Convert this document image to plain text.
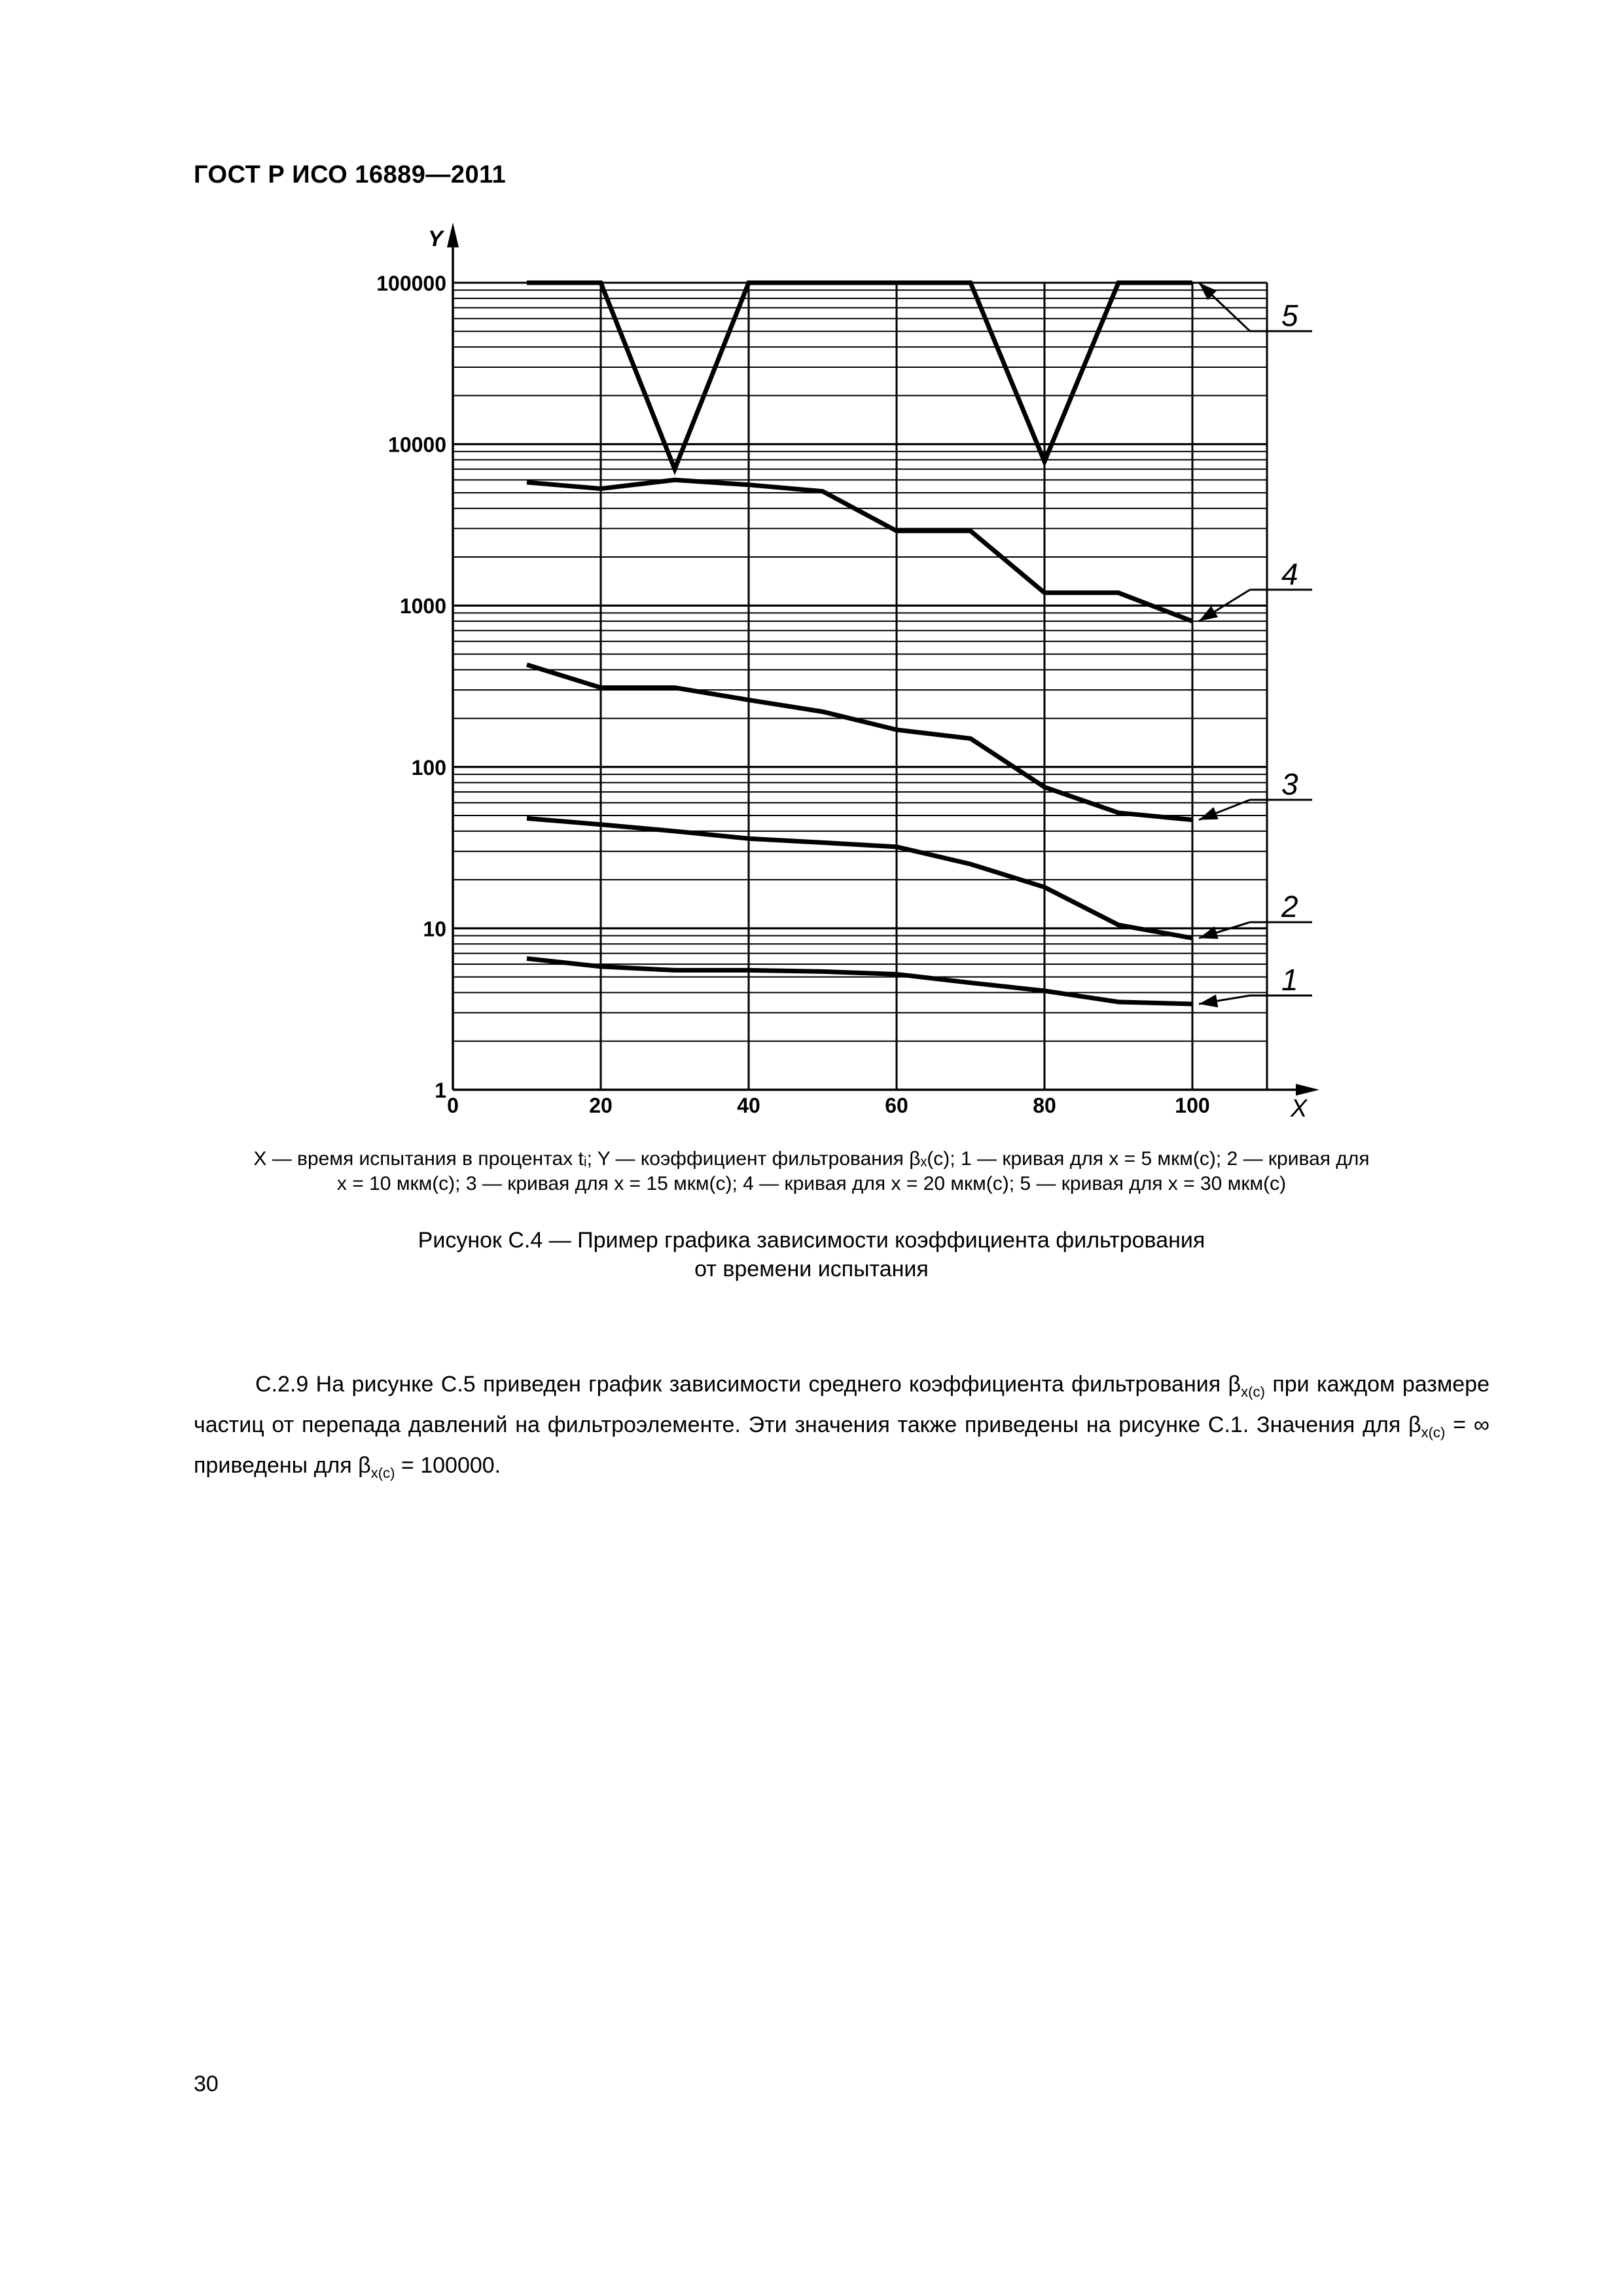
ГОСТ Р ИСО 16889—2011
Y
X
1
10
100
1000
10000
100000
0	20	40	60	80	100
1
2
3
4
5
X — время испытания в процентах tᵢ; Y — коэффициент фильтрования βₓ(c); 1 — кривая для x = 5 мкм(с); 2 — кривая для
x = 10 мкм(с); 3 — кривая для x = 15 мкм(с); 4 — кривая для x = 20 мкм(с); 5 — кривая для x = 30 мкм(с)
Рисунок С.4 — Пример графика зависимости коэффициента фильтрования
от времени испытания

С.2.9 На рисунке С.5 приведен график зависимости среднего коэффициента фильтрования $\beta_{x(c)}$ при каждом размере частиц от перепада давлений на фильтроэлементе. Эти значения также приведены на рисунке С.1. Значения для $\beta_{x(c)}$ = ∞ приведены для $\beta_{x(c)} = 100000$.

30
